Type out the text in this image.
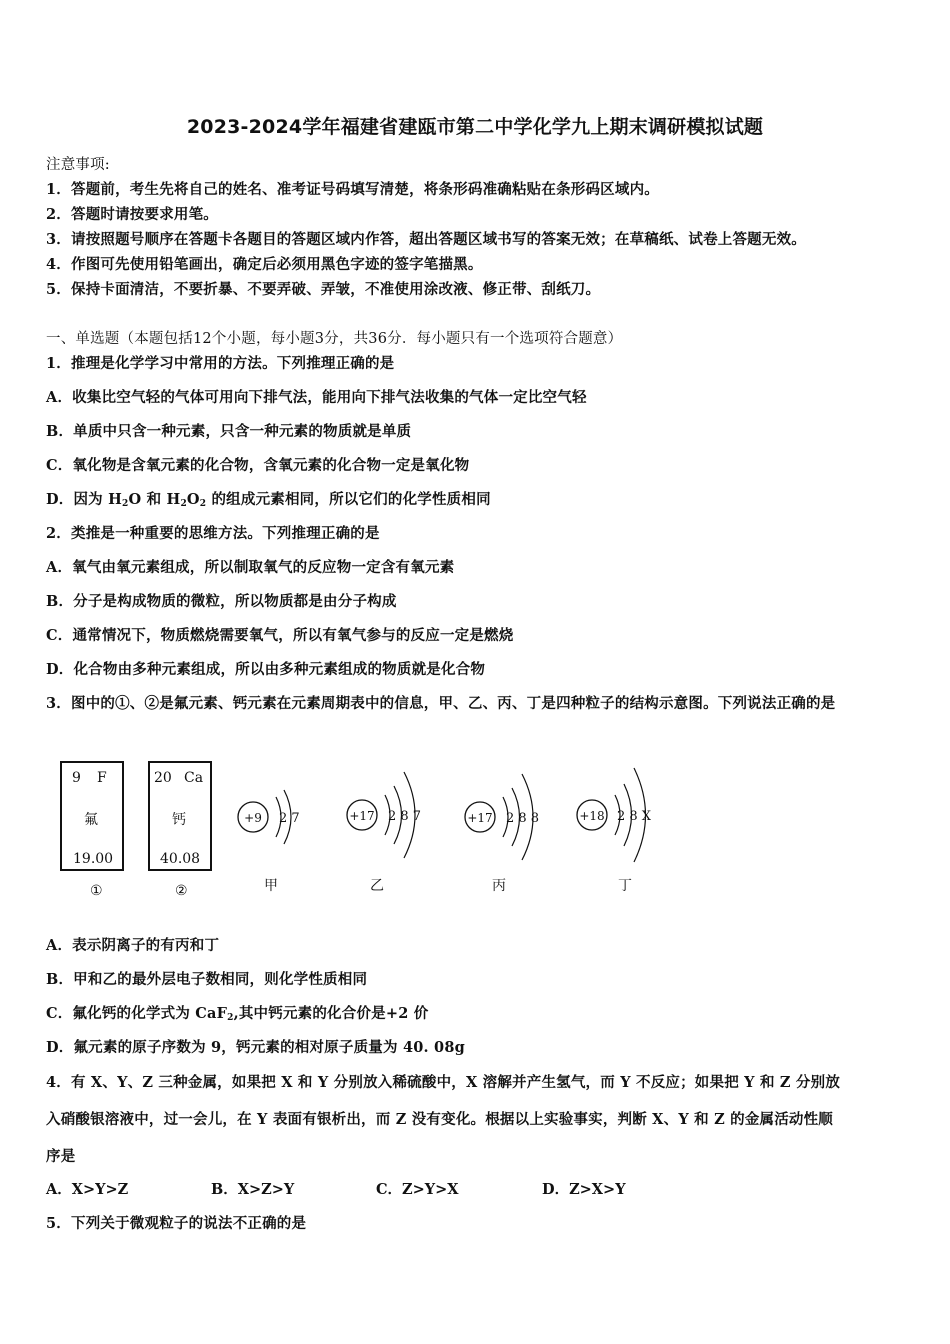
2023-2024学年福建省建瓯市第二中学化学九上期末调研模拟试题
注意事项:
1．答题前，考生先将自己的姓名、准考证号码填写清楚，将条形码准确粘贴在条形码区域内。
2．答题时请按要求用笔。
3．请按照题号顺序在答题卡各题目的答题区域内作答，超出答题区域书写的答案无效；在草稿纸、试卷上答题无效。
4．作图可先使用铅笔画出，确定后必须用黑色字迹的签字笔描黑。
5．保持卡面清洁，不要折暴、不要弄破、弄皱，不准使用涂改液、修正带、刮纸刀。
一、单选题（本题包括12个小题，每小题3分，共36分．每小题只有一个选项符合题意）
1．推理是化学学习中常用的方法。下列推理正确的是
A．收集比空气轻的气体可用向下排气法，能用向下排气法收集的气体一定比空气轻
B．单质中只含一种元素，只含一种元素的物质就是单质
C．氧化物是含氧元素的化合物，含氧元素的化合物一定是氧化物
D．因为 $H_2O$ 和 $H_2O_2$ 的组成元素相同，所以它们的化学性质相同
2．类推是一种重要的思维方法。下列推理正确的是
A．氧气由氧元素组成，所以制取氧气的反应物一定含有氧元素
B．分子是构成物质的微粒，所以物质都是由分子构成
C．通常情况下，物质燃烧需要氧气，所以有氧气参与的反应一定是燃烧
D．化合物由多种元素组成，所以由多种元素组成的物质就是化合物
3．图中的①、②是氟元素、钙元素在元素周期表中的信息，甲、乙、丙、丁是四种粒子的结构示意图。下列说法正确的是
9 F
氟
19.00
①
20 Ca
钙
40.08
②
+9 2 7
甲
+17 2 8 7
乙
+17 2 8 8
丙
+18 2 8 X
丁
A．表示阴离子的有丙和丁
B．甲和乙的最外层电子数相同，则化学性质相同
C．氟化钙的化学式为 CaF$_2$,其中钙元素的化合价是+2 价
D．氟元素的原子序数为 9，钙元素的相对原子质量为 40. 08g
4．有 X、Y、Z 三种金属，如果把 X 和 Y 分别放入稀硫酸中，X 溶解并产生氢气，而 Y 不反应；如果把 Y 和 Z 分别放
入硝酸银溶液中，过一会儿，在 Y 表面有银析出，而 Z 没有变化。根据以上实验事实，判断 X、Y 和 Z 的金属活动性顺
序是
A．X>Y>Z	B．X>Z>Y	C．Z>Y>X	D．Z>X>Y
5．下列关于微观粒子的说法不正确的是
